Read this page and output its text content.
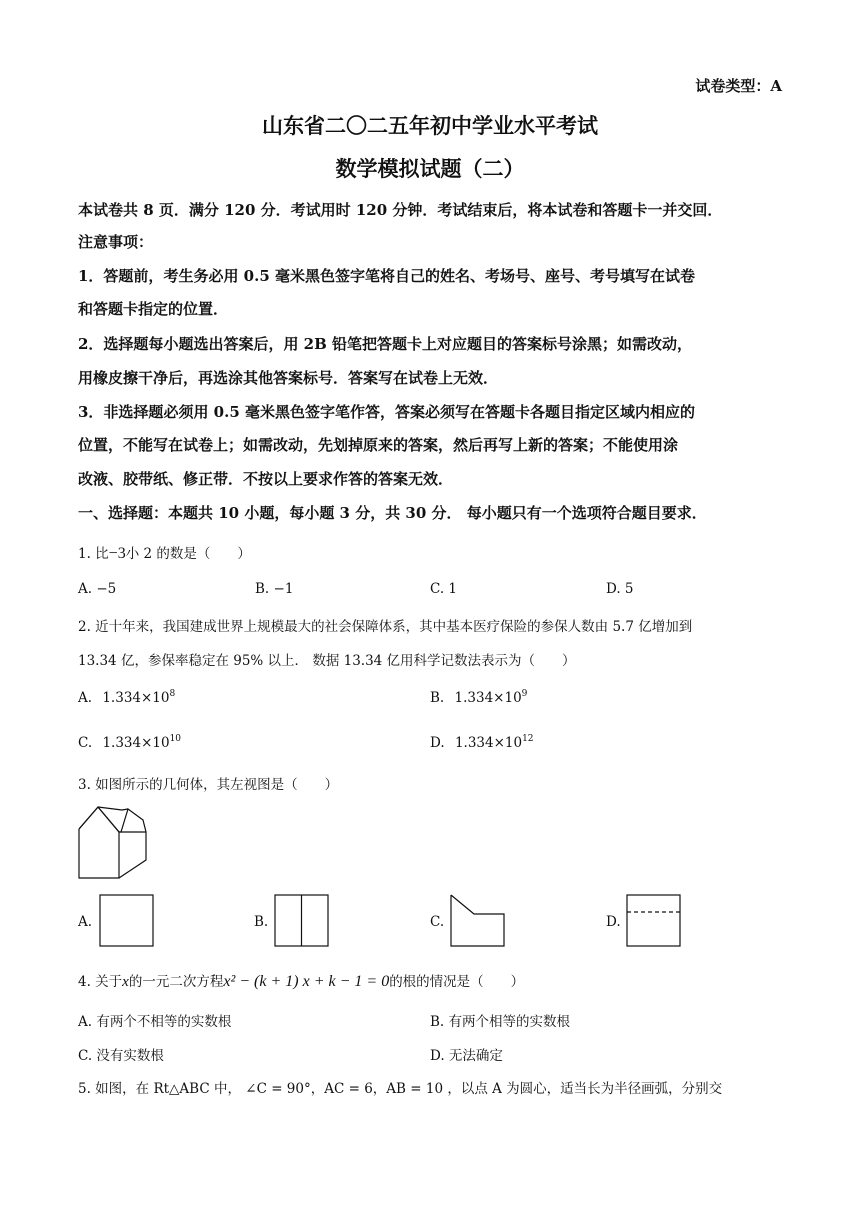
试卷类型：A
山东省二〇二五年初中学业水平考试
数学模拟试题（二）
本试卷共 8 页．满分 120 分．考试用时 120 分钟．考试结束后，将本试卷和答题卡一并交回．
注意事项：
1．答题前，考生务必用 0.5 毫米黑色签字笔将自己的姓名、考场号、座号、考号填写在试卷
和答题卡指定的位置．
2．选择题每小题选出答案后，用 2B 铅笔把答题卡上对应题目的答案标号涂黑；如需改动，
用橡皮擦干净后，再选涂其他答案标号．答案写在试卷上无效．
3．非选择题必须用 0.5 毫米黑色签字笔作答，答案必须写在答题卡各题目指定区域内相应的
位置，不能写在试卷上；如需改动，先划掉原来的答案，然后再写上新的答案；不能使用涂
改液、胶带纸、修正带．不按以上要求作答的答案无效．
一、选择题：本题共 10 小题，每小题 3 分，共 30 分． 每小题只有一个选项符合题目要求．
1. 比−3小 2 的数是（　　）
A. −5	B. −1	C. 1	D. 5
2. 近十年来，我国建成世界上规模最大的社会保障体系，其中基本医疗保险的参保人数由 5.7 亿增加到
13.34 亿，参保率稳定在 95% 以上． 数据 13.34 亿用科学记数法表示为（　　）
A. $1.334\times 10^8$	B. $1.334\times 10^9$
C. $1.334\times 10^{10}$	D. $1.334\times 10^{12}$
3. 如图所示的几何体，其左视图是（　　）
A.	B.	C.	D.
4. 关于x的一元二次方程x² − (k + 1) x + k − 1 = 0的根的情况是（　　）
A. 有两个不相等的实数根	B. 有两个相等的实数根
C. 没有实数根	D. 无法确定
5. 如图，在 Rt△ABC 中， ∠C = 90°，AC = 6，AB = 10 ，以点 A 为圆心，适当长为半径画弧，分别交
